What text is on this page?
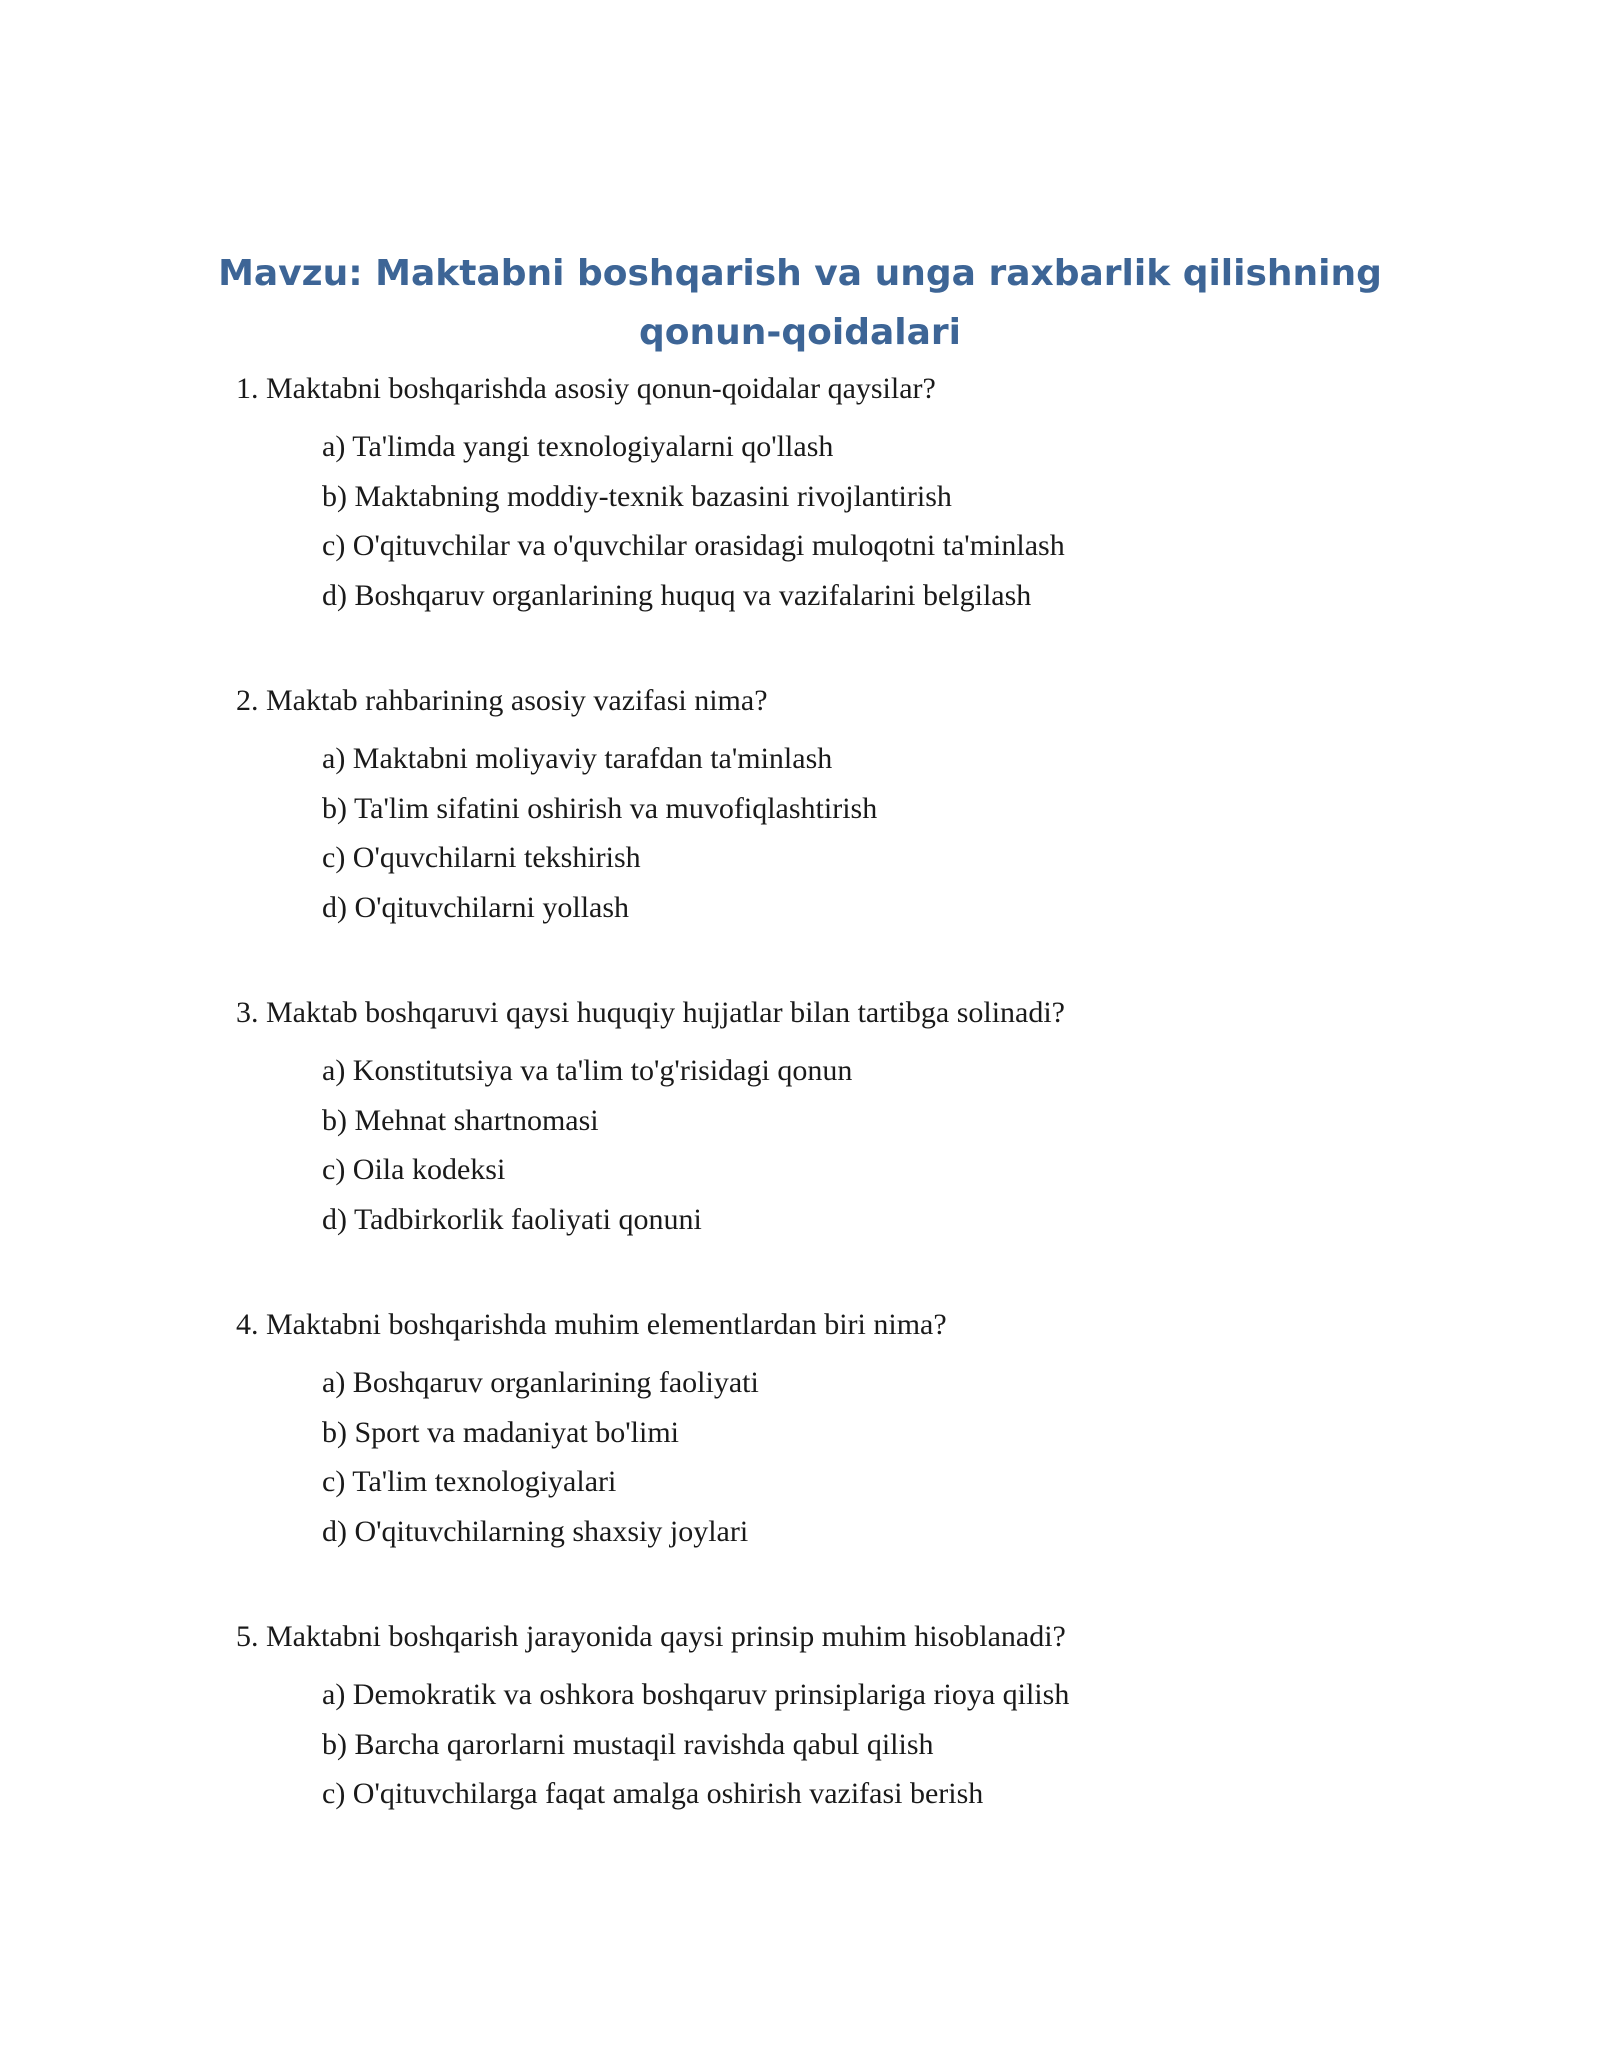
Mavzu: Maktabni boshqarish va unga raxbarlik qilishning qonun-qoidalari
1. Maktabni boshqarishda asosiy qonun-qoidalar qaysilar?
a) Ta'limda yangi texnologiyalarni qo'llash
b) Maktabning moddiy-texnik bazasini rivojlantirish
c) O'qituvchilar va o'quvchilar orasidagi muloqotni ta'minlash
d) Boshqaruv organlarining huquq va vazifalarini belgilash
2. Maktab rahbarining asosiy vazifasi nima?
a) Maktabni moliyaviy tarafdan ta'minlash
b) Ta'lim sifatini oshirish va muvofiqlashtirish
c) O'quvchilarni tekshirish
d) O'qituvchilarni yollash
3. Maktab boshqaruvi qaysi huquqiy hujjatlar bilan tartibga solinadi?
a) Konstitutsiya va ta'lim to'g'risidagi qonun
b) Mehnat shartnomasi
c) Oila kodeksi
d) Tadbirkorlik faoliyati qonuni
4. Maktabni boshqarishda muhim elementlardan biri nima?
a) Boshqaruv organlarining faoliyati
b) Sport va madaniyat bo'limi
c) Ta'lim texnologiyalari
d) O'qituvchilarning shaxsiy joylari
5. Maktabni boshqarish jarayonida qaysi prinsip muhim hisoblanadi?
a) Demokratik va oshkora boshqaruv prinsiplariga rioya qilish
b) Barcha qarorlarni mustaqil ravishda qabul qilish
c) O'qituvchilarga faqat amalga oshirish vazifasi berish
